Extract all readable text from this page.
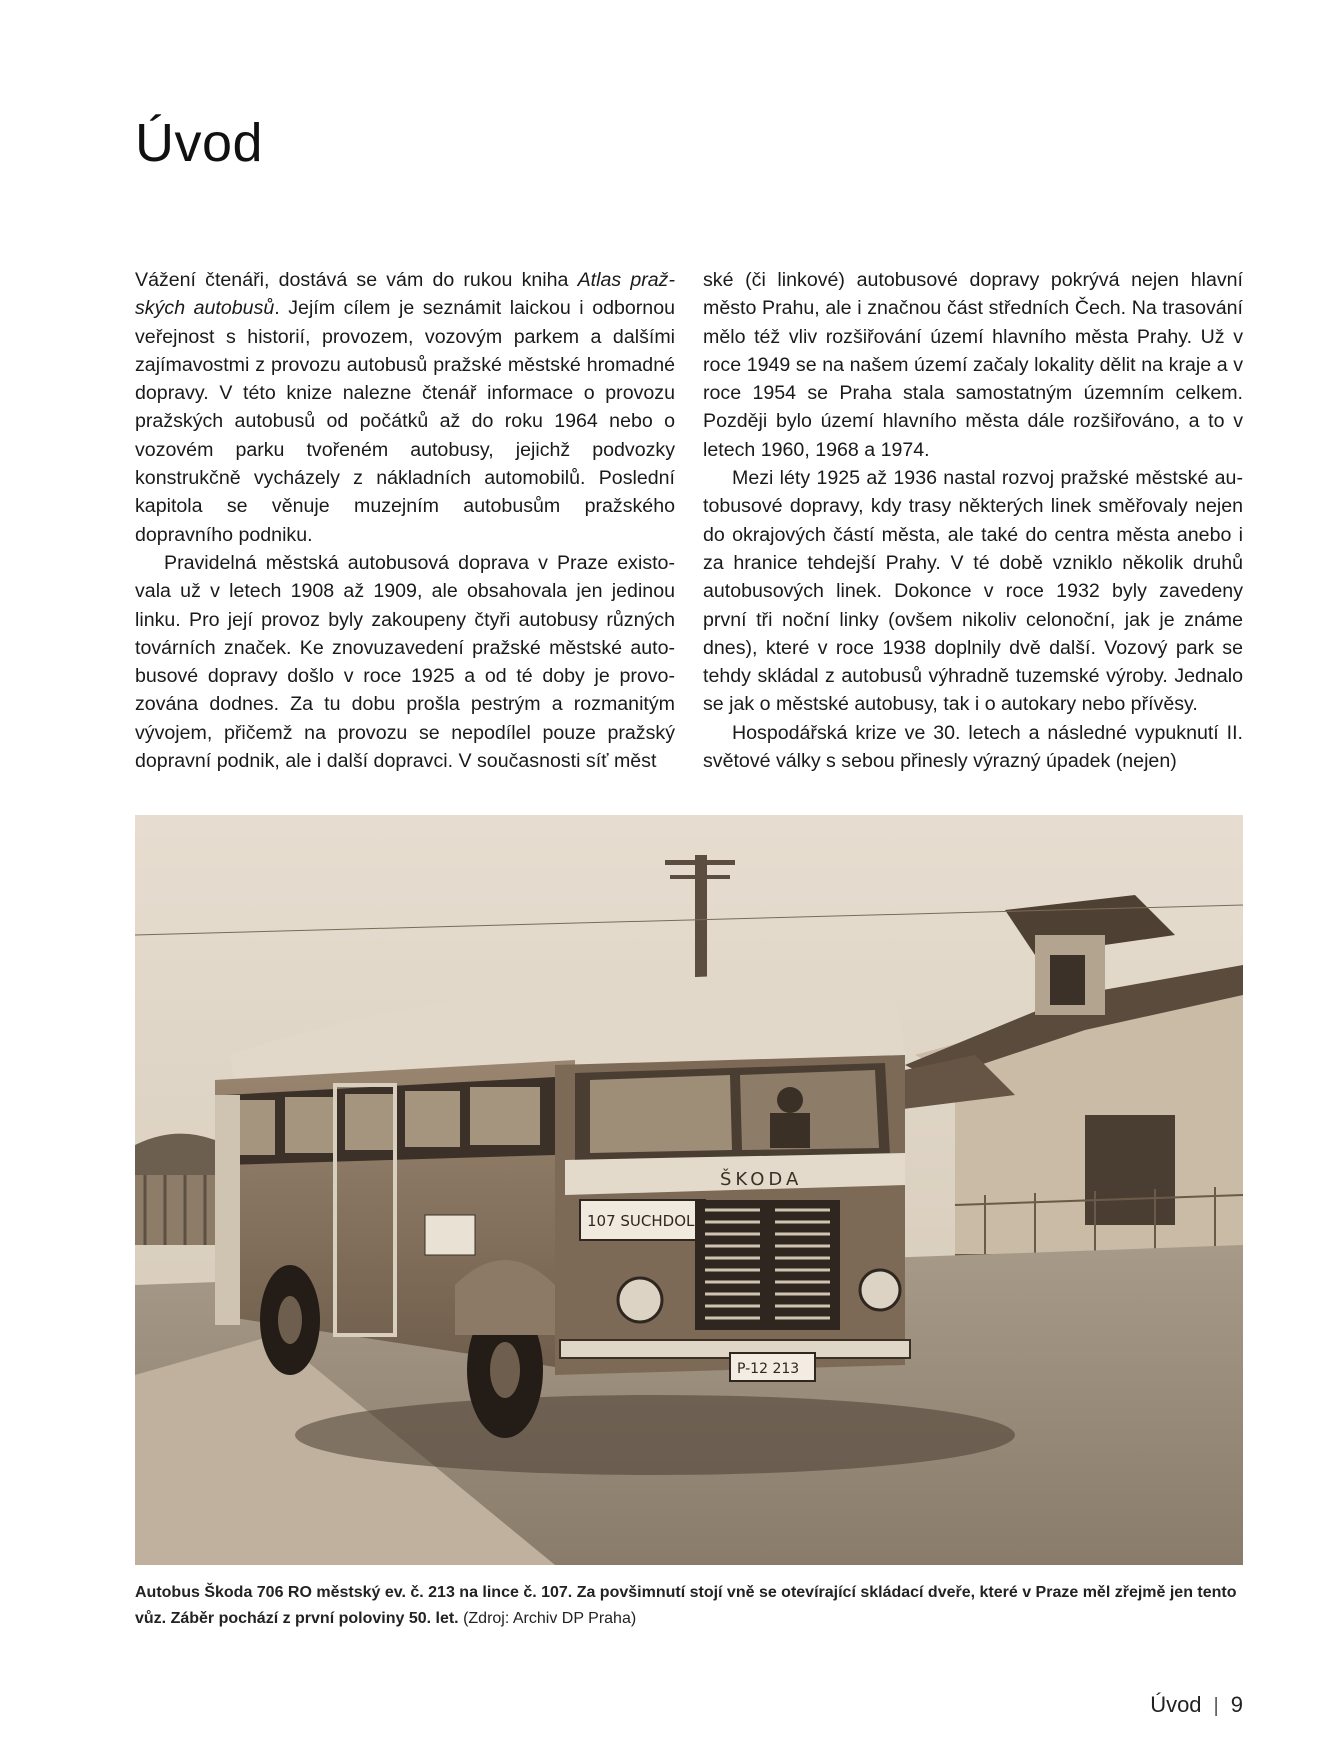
Úvod

Vážení čtenáři, dostává se vám do rukou kniha Atlas pražských autobusů. Jejím cílem je seznámit laickou i odbornou veřejnost s historií, provozem, vozovým parkem a dalšími zajímavostmi z provozu autobusů pražské městské hromadné dopravy. V této knize nalezne čtenář informace o provozu pražských autobusů od počátků až do roku 1964 nebo o vozovém parku tvořeném autobusy, jejichž podvozky konstrukčně vycházely z nákladních automobilů. Poslední kapitola se věnuje muzejním autobusům pražského dopravního podniku.

Pravidelná městská autobusová doprava v Praze existovala už v letech 1908 až 1909, ale obsahovala jen jedinou linku. Pro její provoz byly zakoupeny čtyři autobusy různých továrních značek. Ke znovuzavedení pražské městské autobusové dopravy došlo v roce 1925 a od té doby je provozována dodnes. Za tu dobu prošla pestrým a rozmanitým vývojem, přičemž na provozu se nepodílel pouze pražský dopravní podnik, ale i další dopravci. V současnosti síť měst

ské (či linkové) autobusové dopravy pokrývá nejen hlavní město Prahu, ale i značnou část středních Čech. Na trasování mělo též vliv rozšiřování území hlavního města Prahy. Už v roce 1949 se na našem území začaly lokality dělit na kraje a v roce 1954 se Praha stala samostatným územním celkem. Později bylo území hlavního města dále rozšiřováno, a to v letech 1960, 1968 a 1974.

Mezi léty 1925 až 1936 nastal rozvoj pražské městské autobusové dopravy, kdy trasy některých linek směřovaly nejen do okrajových částí města, ale také do centra města anebo i za hranice tehdejší Prahy. V té době vzniklo několik druhů autobusových linek. Dokonce v roce 1932 byly zavedeny první tři noční linky (ovšem nikoliv celonoční, jak je známe dnes), které v roce 1938 doplnily dvě další. Vozový park se tehdy skládal z autobusů výhradně tuzemské výroby. Jednalo se jak o městské autobusy, tak i o autokary nebo přívěsy.

Hospodářská krize ve 30. letech a následné vypuknutí II. světové války s sebou přinesly výrazný úpadek (nejen)

ŠKODA
107 SUCHDOL
P-12 213
Autobus Škoda 706 RO městský ev. č. 213 na lince č. 107. Za povšimnutí stojí vně se otevírající skládací dveře, které v Praze měl zřejmě jen tento vůz. Záběr pochází z první poloviny 50. let. (Zdroj: Archiv DP Praha)
Úvod | 9
